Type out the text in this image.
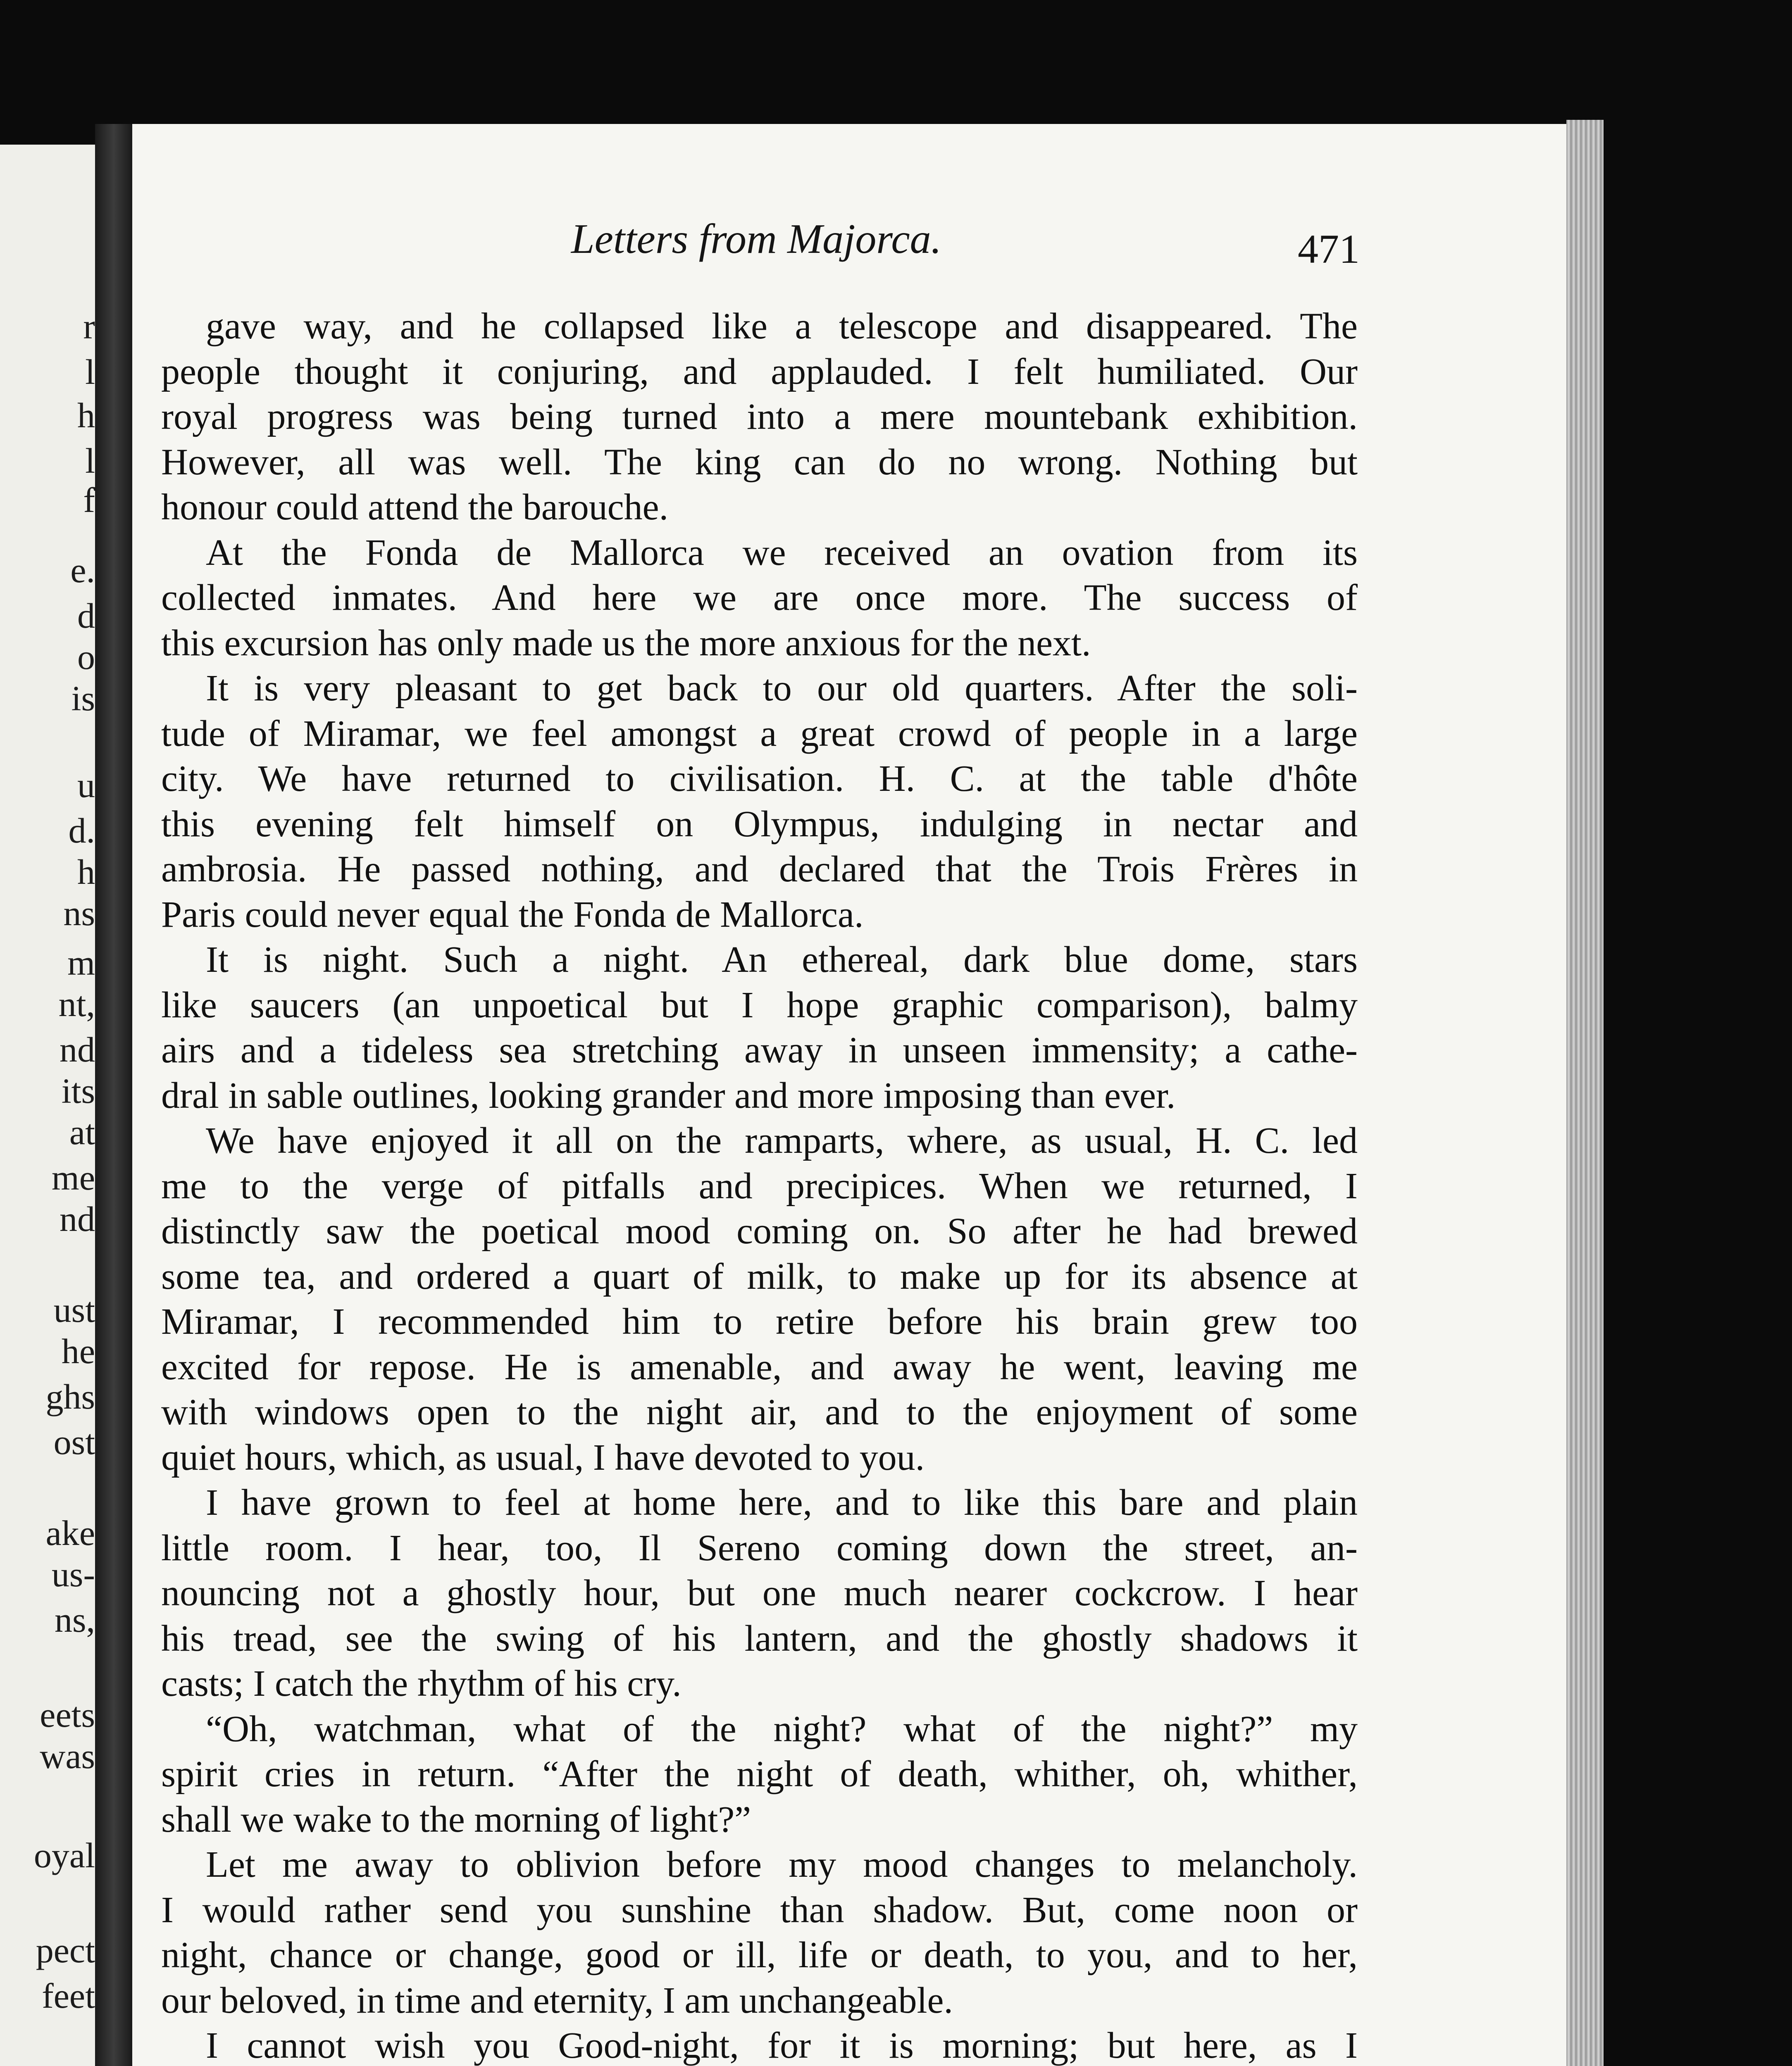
r
l
h
l
f
e.
d
o
is
u
d.
h
ns
m
nt,
nd
its
at
me
nd
ust
he
ghs
ost
ake
us-
ns,
eets
was
oyal
pect
feet
Letters from Majorca.	471
gave way, and he collapsed like a telescope and disappeared. The
people thought it conjuring, and applauded. I felt humiliated. Our
royal progress was being turned into a mere mountebank exhibition.
However, all was well. The king can do no wrong. Nothing but
honour could attend the barouche.
At the Fonda de Mallorca we received an ovation from its
collected inmates. And here we are once more. The success of
this excursion has only made us the more anxious for the next.
It is very pleasant to get back to our old quarters. After the soli-
tude of Miramar, we feel amongst a great crowd of people in a large
city. We have returned to civilisation. H. C. at the table d'hôte
this evening felt himself on Olympus, indulging in nectar and
ambrosia. He passed nothing, and declared that the Trois Frères in
Paris could never equal the Fonda de Mallorca.
It is night. Such a night. An ethereal, dark blue dome, stars
like saucers (an unpoetical but I hope graphic comparison), balmy
airs and a tideless sea stretching away in unseen immensity; a cathe-
dral in sable outlines, looking grander and more imposing than ever.
We have enjoyed it all on the ramparts, where, as usual, H. C. led
me to the verge of pitfalls and precipices. When we returned, I
distinctly saw the poetical mood coming on. So after he had brewed
some tea, and ordered a quart of milk, to make up for its absence at
Miramar, I recommended him to retire before his brain grew too
excited for repose. He is amenable, and away he went, leaving me
with windows open to the night air, and to the enjoyment of some
quiet hours, which, as usual, I have devoted to you.
I have grown to feel at home here, and to like this bare and plain
little room. I hear, too, Il Sereno coming down the street, an-
nouncing not a ghostly hour, but one much nearer cockcrow. I hear
his tread, see the swing of his lantern, and the ghostly shadows it
casts; I catch the rhythm of his cry.
“Oh, watchman, what of the night? what of the night?” my
spirit cries in return. “After the night of death, whither, oh, whither,
shall we wake to the morning of light?”
Let me away to oblivion before my mood changes to melancholy.
I would rather send you sunshine than shadow. But, come noon or
night, chance or change, good or ill, life or death, to you, and to her,
our beloved, in time and eternity, I am unchangeable.
I cannot wish you Good-night, for it is morning; but here, as I
